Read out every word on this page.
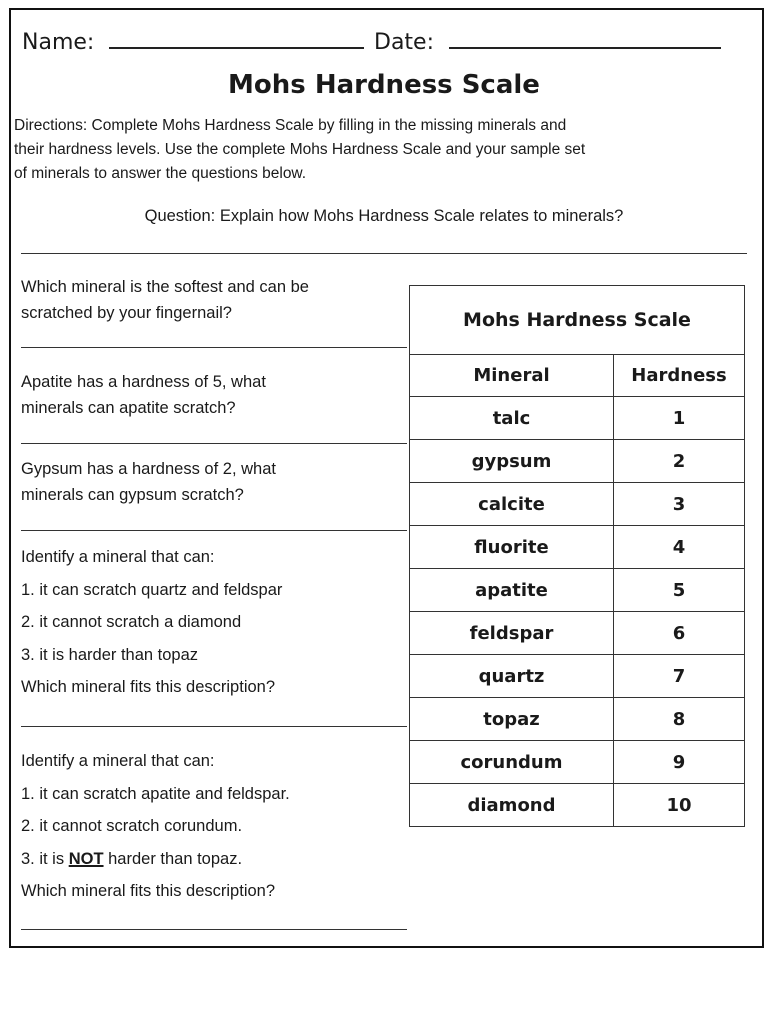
Name:	Date:
Mohs Hardness Scale
Directions: Complete Mohs Hardness Scale by filling in the missing minerals and
their hardness levels. Use the complete Mohs Hardness Scale and your sample set
of minerals to answer the questions below.
Question: Explain how Mohs Hardness Scale relates to minerals?

Which mineral is the softest and can be

scratched by your fingernail?

Apatite has a hardness of 5, what

minerals can apatite scratch?

Gypsum has a hardness of 2, what

minerals can gypsum scratch?

Identify a mineral that can:

1. it can scratch quartz and feldspar

2. it cannot scratch a diamond

3. it is harder than topaz

Which mineral fits this description?

Identify a mineral that can:

1. it can scratch apatite and feldspar.

2. it cannot scratch corundum.

3. it is NOT harder than topaz.

Which mineral fits this description?

Mohs Hardness Scale	
Mineral	Hardness
talc	1
gypsum	2
calcite	3
fluorite	4
apatite	5
feldspar	6
quartz	7
topaz	8
corundum	9
diamond	10
